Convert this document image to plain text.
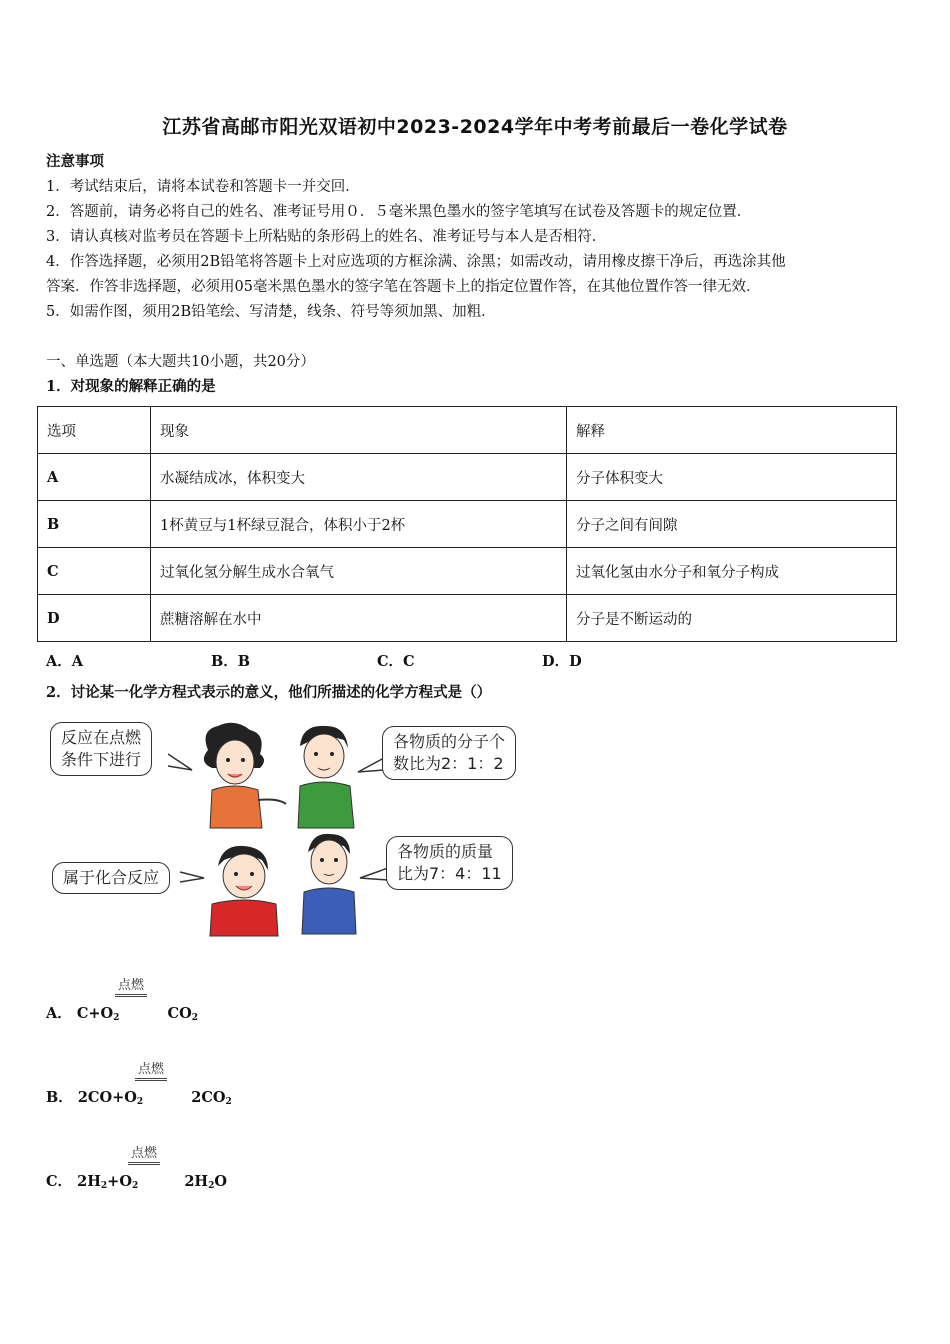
江苏省高邮市阳光双语初中2023-2024学年中考考前最后一卷化学试卷
注意事项
1．考试结束后，请将本试卷和答题卡一并交回．
2．答题前，请务必将自己的姓名、准考证号用０．５毫米黑色墨水的签字笔填写在试卷及答题卡的规定位置．
3．请认真核对监考员在答题卡上所粘贴的条形码上的姓名、准考证号与本人是否相符．
4．作答选择题，必须用2B铅笔将答题卡上对应选项的方框涂满、涂黑；如需改动，请用橡皮擦干净后，再选涂其他
答案．作答非选择题，必须用05毫米黑色墨水的签字笔在答题卡上的指定位置作答，在其他位置作答一律无效．
5．如需作图，须用2B铅笔绘、写清楚，线条、符号等须加黑、加粗．
一、单选题（本大题共10小题，共20分）
1．对现象的解释正确的是
选项	现象	解释
A	水凝结成冰，体积变大	分子体积变大
B	1杯黄豆与1杯绿豆混合，体积小于2杯	分子之间有间隙
C	过氧化氢分解生成水合氧气	过氧化氢由水分子和氧分子构成
D	蔗糖溶解在水中	分子是不断运动的
A．A	B．B	C．C	D．D
2．讨论某一化学方程式表示的意义，他们所描述的化学方程式是（）
反应在点燃
条件下进行
各物质的分子个
数比为2：1：2
属于化合反应
各物质的质量
比为7：4：11
点燃
A． $C+O_2$	$CO_2$
点燃
B． $2CO+O_2$	$2CO_2$
点燃
C． $2H_2+O_2$	$2H_2O$
